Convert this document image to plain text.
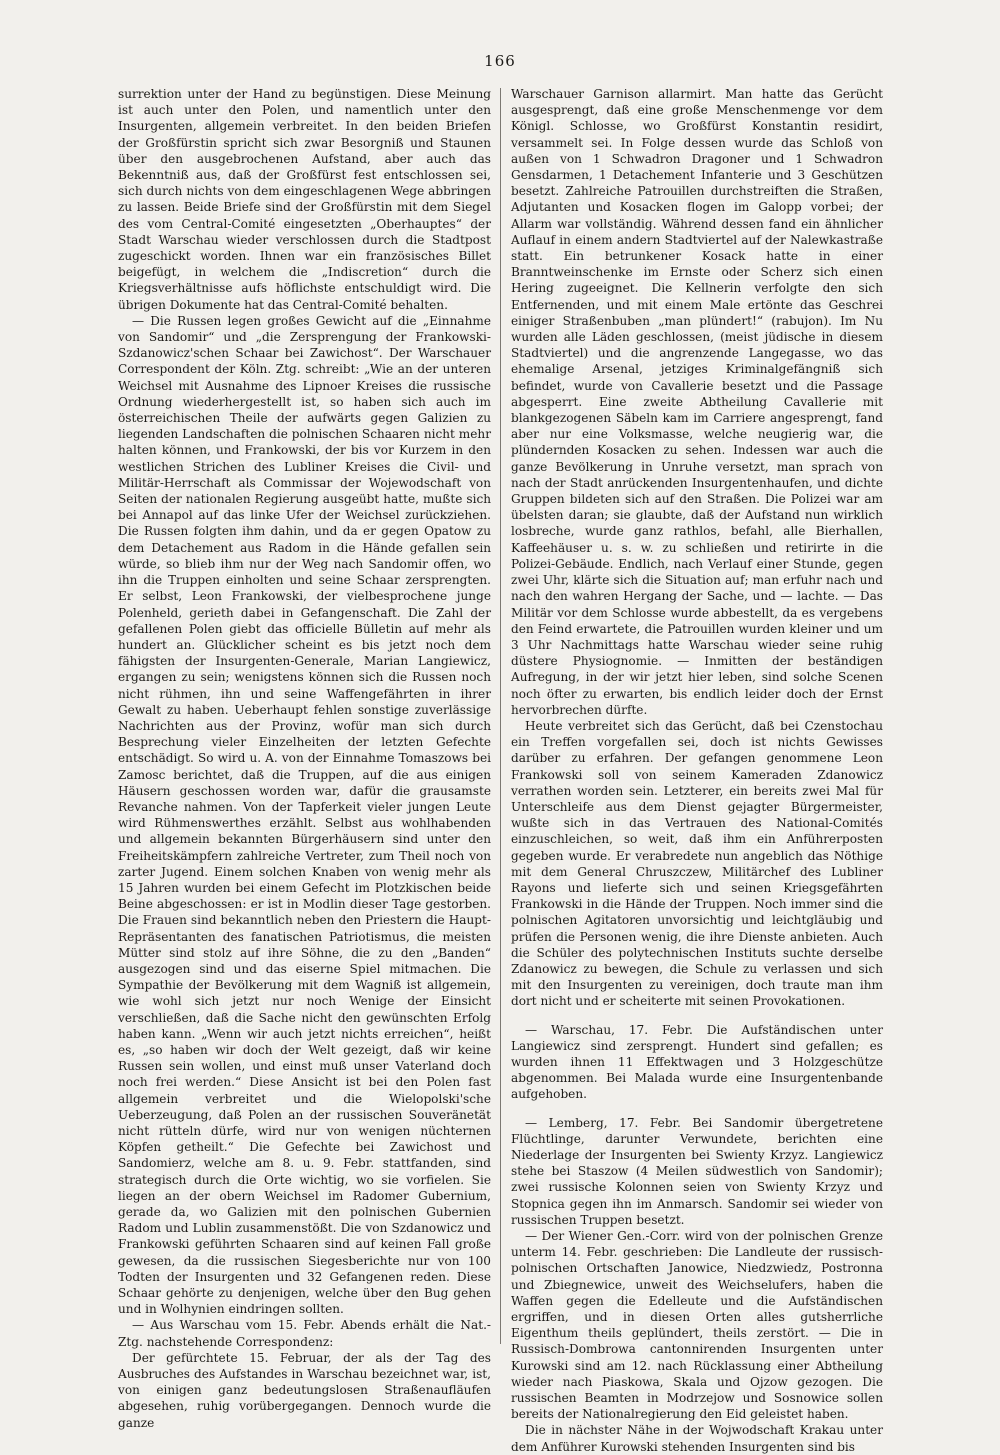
166

surrektion unter der Hand zu begünstigen. Diese Meinung ist auch unter den Polen, und namentlich unter den Insurgenten, allgemein verbreitet. In den beiden Briefen der Großfürstin spricht sich zwar Besorgniß und Staunen über den ausgebrochenen Aufstand, aber auch das Bekenntniß aus, daß der Großfürst fest entschlossen sei, sich durch nichts von dem eingeschlagenen Wege abbringen zu lassen. Beide Briefe sind der Großfürstin mit dem Siegel des vom Central-Comité eingesetzten „Oberhauptes“ der Stadt Warschau wieder verschlossen durch die Stadtpost zugeschickt worden. Ihnen war ein französisches Billet beigefügt, in welchem die „Indiscretion“ durch die Kriegsverhältnisse aufs höflichste entschuldigt wird. Die übrigen Dokumente hat das Central-Comité behalten.

— Die Russen legen großes Gewicht auf die „Einnahme von Sandomir“ und „die Zersprengung der Frankowski-Szdanowicz'schen Schaar bei Zawichost“. Der Warschauer Correspondent der Köln. Ztg. schreibt: „Wie an der unteren Weichsel mit Ausnahme des Lipnoer Kreises die russische Ordnung wiederhergestellt ist, so haben sich auch im österreichischen Theile der aufwärts gegen Galizien zu liegenden Landschaften die polnischen Schaaren nicht mehr halten können, und Frankowski, der bis vor Kurzem in den westlichen Strichen des Lubliner Kreises die Civil- und Militär-Herrschaft als Commissar der Wojewodschaft von Seiten der nationalen Regierung ausgeübt hatte, mußte sich bei Annapol auf das linke Ufer der Weichsel zurückziehen. Die Russen folgten ihm dahin, und da er gegen Opatow zu dem Detachement aus Radom in die Hände gefallen sein würde, so blieb ihm nur der Weg nach Sandomir offen, wo ihn die Truppen einholten und seine Schaar zersprengten. Er selbst, Leon Frankowski, der vielbesprochene junge Polenheld, gerieth dabei in Gefangenschaft. Die Zahl der gefallenen Polen giebt das officielle Bülletin auf mehr als hundert an. Glücklicher scheint es bis jetzt noch dem fähigsten der Insurgenten-Generale, Marian Langiewicz, ergangen zu sein; wenigstens können sich die Russen noch nicht rühmen, ihn und seine Waffengefährten in ihrer Gewalt zu haben. Ueberhaupt fehlen sonstige zuverlässige Nachrichten aus der Provinz, wofür man sich durch Besprechung vieler Einzelheiten der letzten Gefechte entschädigt. So wird u. A. von der Einnahme Tomaszows bei Zamosc berichtet, daß die Truppen, auf die aus einigen Häusern geschossen worden war, dafür die grausamste Revanche nahmen. Von der Tapferkeit vieler jungen Leute wird Rühmenswerthes erzählt. Selbst aus wohlhabenden und allgemein bekannten Bürgerhäusern sind unter den Freiheitskämpfern zahlreiche Vertreter, zum Theil noch von zarter Jugend. Einem solchen Knaben von wenig mehr als 15 Jahren wurden bei einem Gefecht im Plotzkischen beide Beine abgeschossen: er ist in Modlin dieser Tage gestorben. Die Frauen sind bekanntlich neben den Priestern die Haupt-Repräsentanten des fanatischen Patriotismus, die meisten Mütter sind stolz auf ihre Söhne, die zu den „Banden“ ausgezogen sind und das eiserne Spiel mitmachen. Die Sympathie der Bevölkerung mit dem Wagniß ist allgemein, wie wohl sich jetzt nur noch Wenige der Einsicht verschließen, daß die Sache nicht den gewünschten Erfolg haben kann. „Wenn wir auch jetzt nichts erreichen“, heißt es, „so haben wir doch der Welt gezeigt, daß wir keine Russen sein wollen, und einst muß unser Vaterland doch noch frei werden.“ Diese Ansicht ist bei den Polen fast allgemein verbreitet und die Wielopolski'sche Ueberzeugung, daß Polen an der russischen Souveränetät nicht rütteln dürfe, wird nur von wenigen nüchternen Köpfen getheilt.“ Die Gefechte bei Zawichost und Sandomierz, welche am 8. u. 9. Febr. stattfanden, sind strategisch durch die Orte wichtig, wo sie vorfielen. Sie liegen an der obern Weichsel im Radomer Gubernium, gerade da, wo Galizien mit den polnischen Gubernien Radom und Lublin zusammenstößt. Die von Szdanowicz und Frankowski geführten Schaaren sind auf keinen Fall große gewesen, da die russischen Siegesberichte nur von 100 Todten der Insurgenten und 32 Gefangenen reden. Diese Schaar gehörte zu denjenigen, welche über den Bug gehen und in Wolhynien eindringen sollten.

— Aus Warschau vom 15. Febr. Abends erhält die Nat.-Ztg. nachstehende Correspondenz:

Der gefürchtete 15. Februar, der als der Tag des Ausbruches des Aufstandes in Warschau bezeichnet war, ist, von einigen ganz bedeutungslosen Straßenaufläufen abgesehen, ruhig vorübergegangen. Dennoch wurde die ganze

Warschauer Garnison allarmirt. Man hatte das Gerücht ausgesprengt, daß eine große Menschenmenge vor dem Königl. Schlosse, wo Großfürst Konstantin residirt, versammelt sei. In Folge dessen wurde das Schloß von außen von 1 Schwadron Dragoner und 1 Schwadron Gensdarmen, 1 Detachement Infanterie und 3 Geschützen besetzt. Zahlreiche Patrouillen durchstreiften die Straßen, Adjutanten und Kosacken flogen im Galopp vorbei; der Allarm war vollständig. Während dessen fand ein ähnlicher Auflauf in einem andern Stadtviertel auf der Nalewkastraße statt. Ein betrunkener Kosack hatte in einer Branntweinschenke im Ernste oder Scherz sich einen Hering zugeeignet. Die Kellnerin verfolgte den sich Entfernenden, und mit einem Male ertönte das Geschrei einiger Straßenbuben „man plündert!“ (rabujon). Im Nu wurden alle Läden geschlossen, (meist jüdische in diesem Stadtviertel) und die angrenzende Langegasse, wo das ehemalige Arsenal, jetziges Kriminalgefängniß sich befindet, wurde von Cavallerie besetzt und die Passage abgesperrt. Eine zweite Abtheilung Cavallerie mit blankgezogenen Säbeln kam im Carriere angesprengt, fand aber nur eine Volksmasse, welche neugierig war, die plündernden Kosacken zu sehen. Indessen war auch die ganze Bevölkerung in Unruhe versetzt, man sprach von nach der Stadt anrückenden Insurgentenhaufen, und dichte Gruppen bildeten sich auf den Straßen. Die Polizei war am übelsten daran; sie glaubte, daß der Aufstand nun wirklich losbreche, wurde ganz rathlos, befahl, alle Bierhallen, Kaffeehäuser u. s. w. zu schließen und retirirte in die Polizei-Gebäude. Endlich, nach Verlauf einer Stunde, gegen zwei Uhr, klärte sich die Situation auf; man erfuhr nach und nach den wahren Hergang der Sache, und — lachte. — Das Militär vor dem Schlosse wurde abbestellt, da es vergebens den Feind erwartete, die Patrouillen wurden kleiner und um 3 Uhr Nachmittags hatte Warschau wieder seine ruhig düstere Physiognomie. — Inmitten der beständigen Aufregung, in der wir jetzt hier leben, sind solche Scenen noch öfter zu erwarten, bis endlich leider doch der Ernst hervorbrechen dürfte.

Heute verbreitet sich das Gerücht, daß bei Czenstochau ein Treffen vorgefallen sei, doch ist nichts Gewisses darüber zu erfahren. Der gefangen genommene Leon Frankowski soll von seinem Kameraden Zdanowicz verrathen worden sein. Letzterer, ein bereits zwei Mal für Unterschleife aus dem Dienst gejagter Bürgermeister, wußte sich in das Vertrauen des National-Comités einzuschleichen, so weit, daß ihm ein Anführerposten gegeben wurde. Er verabredete nun angeblich das Nöthige mit dem General Chruszczew, Militärchef des Lubliner Rayons und lieferte sich und seinen Kriegsgefährten Frankowski in die Hände der Truppen. Noch immer sind die polnischen Agitatoren unvorsichtig und leichtgläubig und prüfen die Personen wenig, die ihre Dienste anbieten. Auch die Schüler des polytechnischen Instituts suchte derselbe Zdanowicz zu bewegen, die Schule zu verlassen und sich mit den Insurgenten zu vereinigen, doch traute man ihm dort nicht und er scheiterte mit seinen Provokationen.

— Warschau, 17. Febr. Die Aufständischen unter Langiewicz sind zersprengt. Hundert sind gefallen; es wurden ihnen 11 Effektwagen und 3 Holzgeschütze abgenommen. Bei Malada wurde eine Insurgentenbande aufgehoben.

— Lemberg, 17. Febr. Bei Sandomir übergetretene Flüchtlinge, darunter Verwundete, berichten eine Niederlage der Insurgenten bei Swienty Krzyz. Langiewicz stehe bei Staszow (4 Meilen südwestlich von Sandomir); zwei russische Kolonnen seien von Swienty Krzyz und Stopnica gegen ihn im Anmarsch. Sandomir sei wieder von russischen Truppen besetzt.

— Der Wiener Gen.-Corr. wird von der polnischen Grenze unterm 14. Febr. geschrieben: Die Landleute der russisch-polnischen Ortschaften Janowice, Niedzwiedz, Postronna und Zbiegnewice, unweit des Weichselufers, haben die Waffen gegen die Edelleute und die Aufständischen ergriffen, und in diesen Orten alles gutsherrliche Eigenthum theils geplündert, theils zerstört. — Die in Russisch-Dombrowa cantonnirenden Insurgenten unter Kurowski sind am 12. nach Rücklassung einer Abtheilung wieder nach Piaskowa, Skala und Ojzow gezogen. Die russischen Beamten in Modrzejow und Sosnowice sollen bereits der Nationalregierung den Eid geleistet haben.

Die in nächster Nähe in der Wojwodschaft Krakau unter dem Anführer Kurowski stehenden Insurgenten sind bis
